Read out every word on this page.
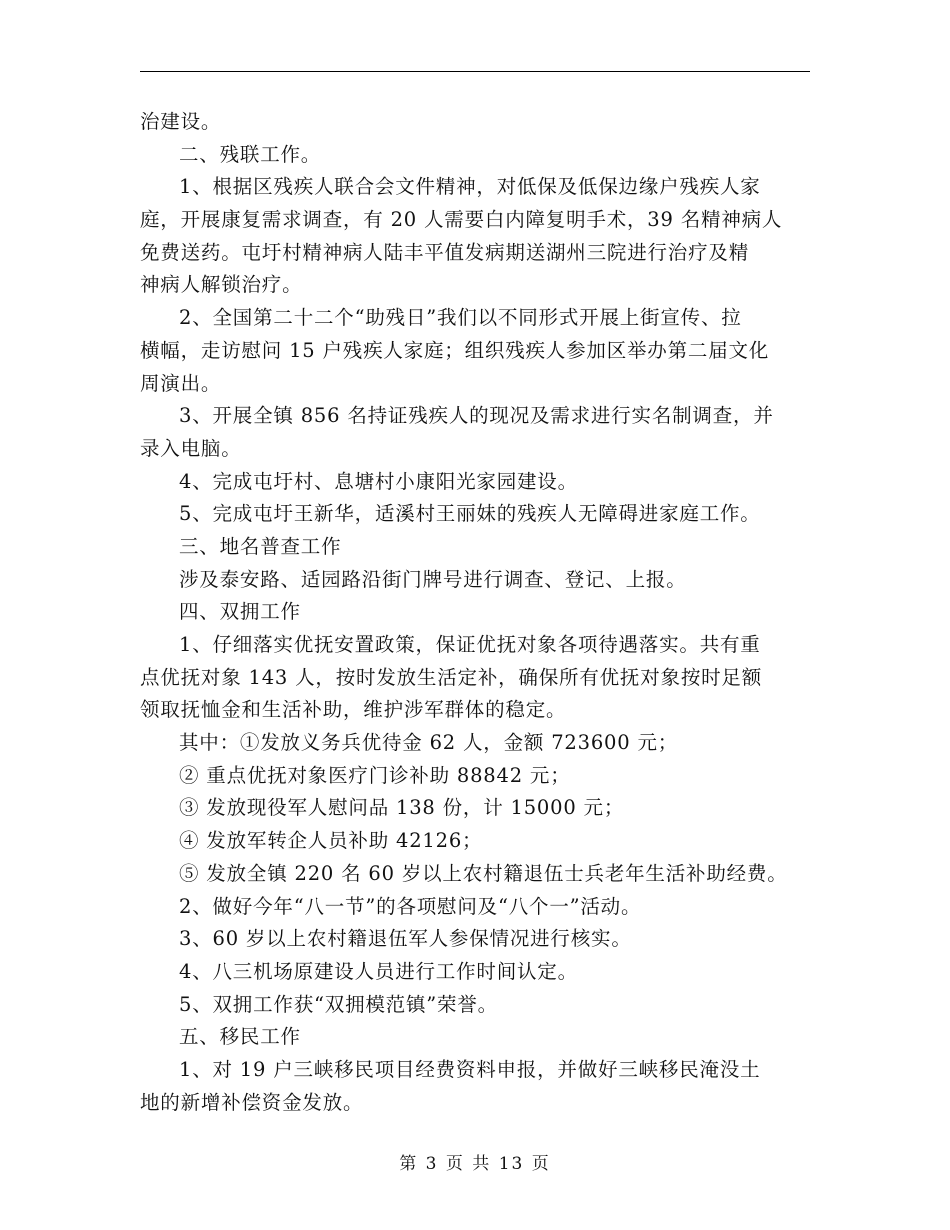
治建设。
二、残联工作。
1、根据区残疾人联合会文件精神，对低保及低保边缘户残疾人家
庭，开展康复需求调查，有 20 人需要白内障复明手术，39 名精神病人
免费送药。屯圩村精神病人陆丰平值发病期送湖州三院进行治疗及精
神病人解锁治疗。
2、全国第二十二个“助残日”我们以不同形式开展上街宣传、拉
横幅，走访慰问 15 户残疾人家庭；组织残疾人参加区举办第二届文化
周演出。
3、开展全镇 856 名持证残疾人的现况及需求进行实名制调查，并
录入电脑。
4、完成屯圩村、息塘村小康阳光家园建设。
5、完成屯圩王新华，适溪村王丽妹的残疾人无障碍进家庭工作。
三、地名普查工作
涉及泰安路、适园路沿街门牌号进行调查、登记、上报。
四、双拥工作
1、仔细落实优抚安置政策，保证优抚对象各项待遇落实。共有重
点优抚对象 143 人，按时发放生活定补，确保所有优抚对象按时足额
领取抚恤金和生活补助，维护涉军群体的稳定。
其中：①发放义务兵优待金 62 人，金额 723600 元；
② 重点优抚对象医疗门诊补助 88842 元；
③ 发放现役军人慰问品 138 份，计 15000 元；
④ 发放军转企人员补助 42126；
⑤ 发放全镇 220 名 60 岁以上农村籍退伍士兵老年生活补助经费。
2、做好今年“八一节”的各项慰问及“八个一”活动。
3、60 岁以上农村籍退伍军人参保情况进行核实。
4、八三机场原建设人员进行工作时间认定。
5、双拥工作获“双拥模范镇”荣誉。
五、移民工作
1、对 19 户三峡移民项目经费资料申报，并做好三峡移民淹没土
地的新增补偿资金发放。
第 3 页 共 13 页
